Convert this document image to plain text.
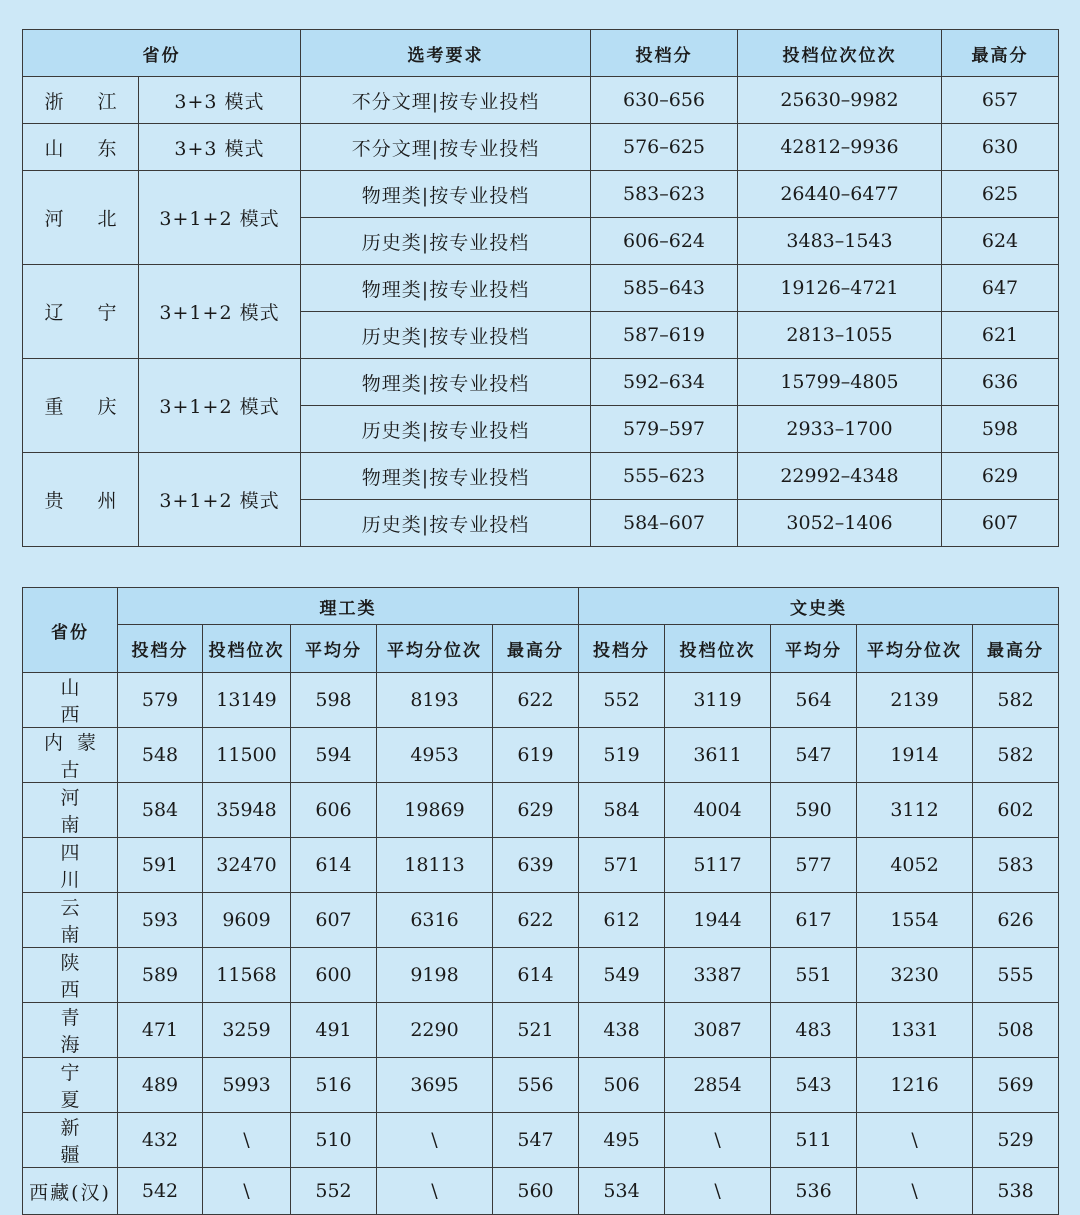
省份		选考要求	投档分	投档位次位次	最高分
浙 江	3+3 模式	不分文理|按专业投档	630–656	25630–9982	657
山 东	3+3 模式	不分文理|按专业投档	576–625	42812–9936	630
河 北	3+1+2 模式	物理类|按专业投档	583–623	26440–6477	625
		历史类|按专业投档	606–624	3483–1543	624
辽 宁	3+1+2 模式	物理类|按专业投档	585–643	19126–4721	647
		历史类|按专业投档	587–619	2813–1055	621
重 庆	3+1+2 模式	物理类|按专业投档	592–634	15799–4805	636
		历史类|按专业投档	579–597	2933–1700	598
贵 州	3+1+2 模式	物理类|按专业投档	555–623	22992–4348	629
		历史类|按专业投档	584–607	3052–1406	607
省份	理工类					文史类				
	投档分	投档位次	平均分	平均分位次	最高分	投档分	投档位次	平均分	平均分位次	最高分
山 西	579	13149	598	8193	622	552	3119	564	2139	582
内蒙古	548	11500	594	4953	619	519	3611	547	1914	582
河 南	584	35948	606	19869	629	584	4004	590	3112	602
四 川	591	32470	614	18113	639	571	5117	577	4052	583
云 南	593	9609	607	6316	622	612	1944	617	1554	626
陕 西	589	11568	600	9198	614	549	3387	551	3230	555
青 海	471	3259	491	2290	521	438	3087	483	1331	508
宁 夏	489	5993	516	3695	556	506	2854	543	1216	569
新 疆	432	\	510	\	547	495	\	511	\	529
西藏(汉)	542	\	552	\	560	534	\	536	\	538
